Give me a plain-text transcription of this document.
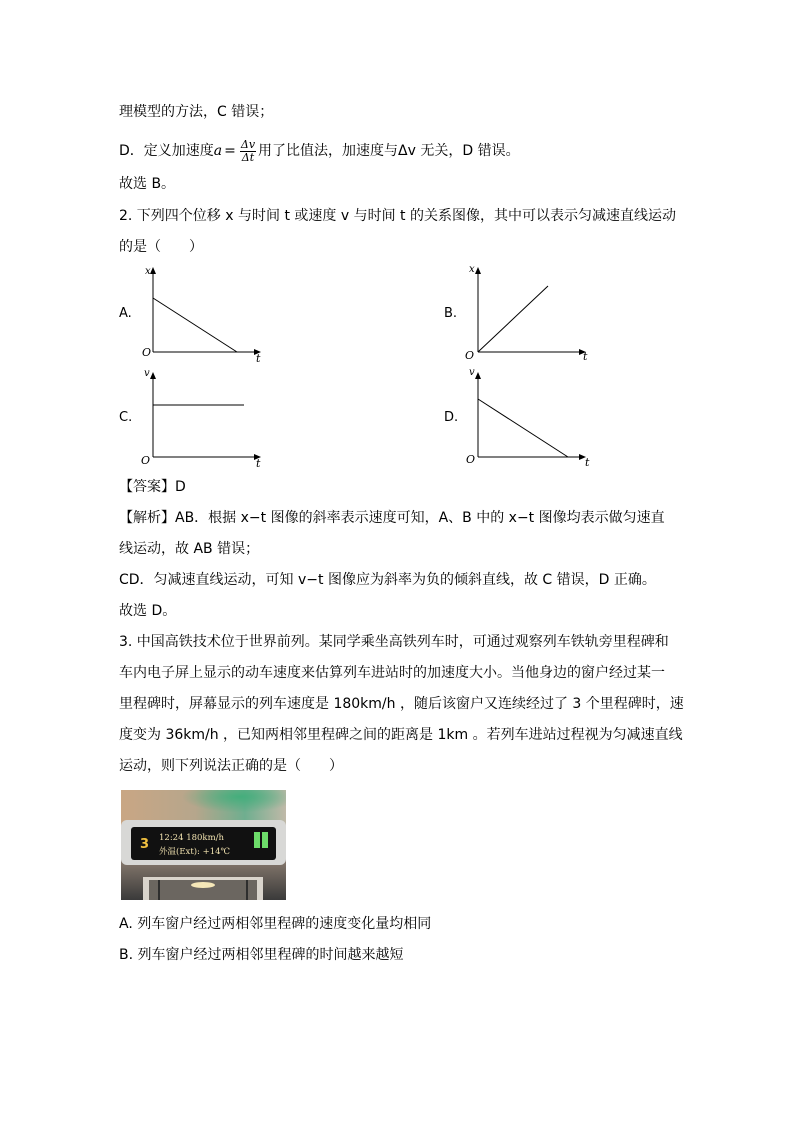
理模型的方法，C 错误；
D．定义加速度$a = \frac{\Delta v}{\Delta t}$ 用了比值法，加速度与Δv 无关，D 错误。
故选 B。
2. 下列四个位移 x 与时间 t 或速度 v 与时间 t 的关系图像，其中可以表示匀减速直线运动
的是（　　）
A.
O
x
t
B.
O
x
t
C.
O
v
t
D.
O
v
t
【答案】D
【解析】AB．根据 x−t 图像的斜率表示速度可知，A、B 中的 x−t 图像均表示做匀速直
线运动，故 AB 错误；
CD．匀减速直线运动，可知 v−t 图像应为斜率为负的倾斜直线，故 C 错误，D 正确。
故选 D。
3. 中国高铁技术位于世界前列。某同学乘坐高铁列车时，可通过观察列车铁轨旁里程碑和
车内电子屏上显示的动车速度来估算列车进站时的加速度大小。当他身边的窗户经过某一
里程碑时，屏幕显示的列车速度是 180km/h ，随后该窗户又连续经过了 3 个里程碑时，速
度变为 36km/h ，已知两相邻里程碑之间的距离是 1km 。若列车进站过程视为匀减速直线
运动，则下列说法正确的是（　　）
3 12:24 180km/h
外温(Ext): +14℃
A. 列车窗户经过两相邻里程碑的速度变化量均相同
B. 列车窗户经过两相邻里程碑的时间越来越短
